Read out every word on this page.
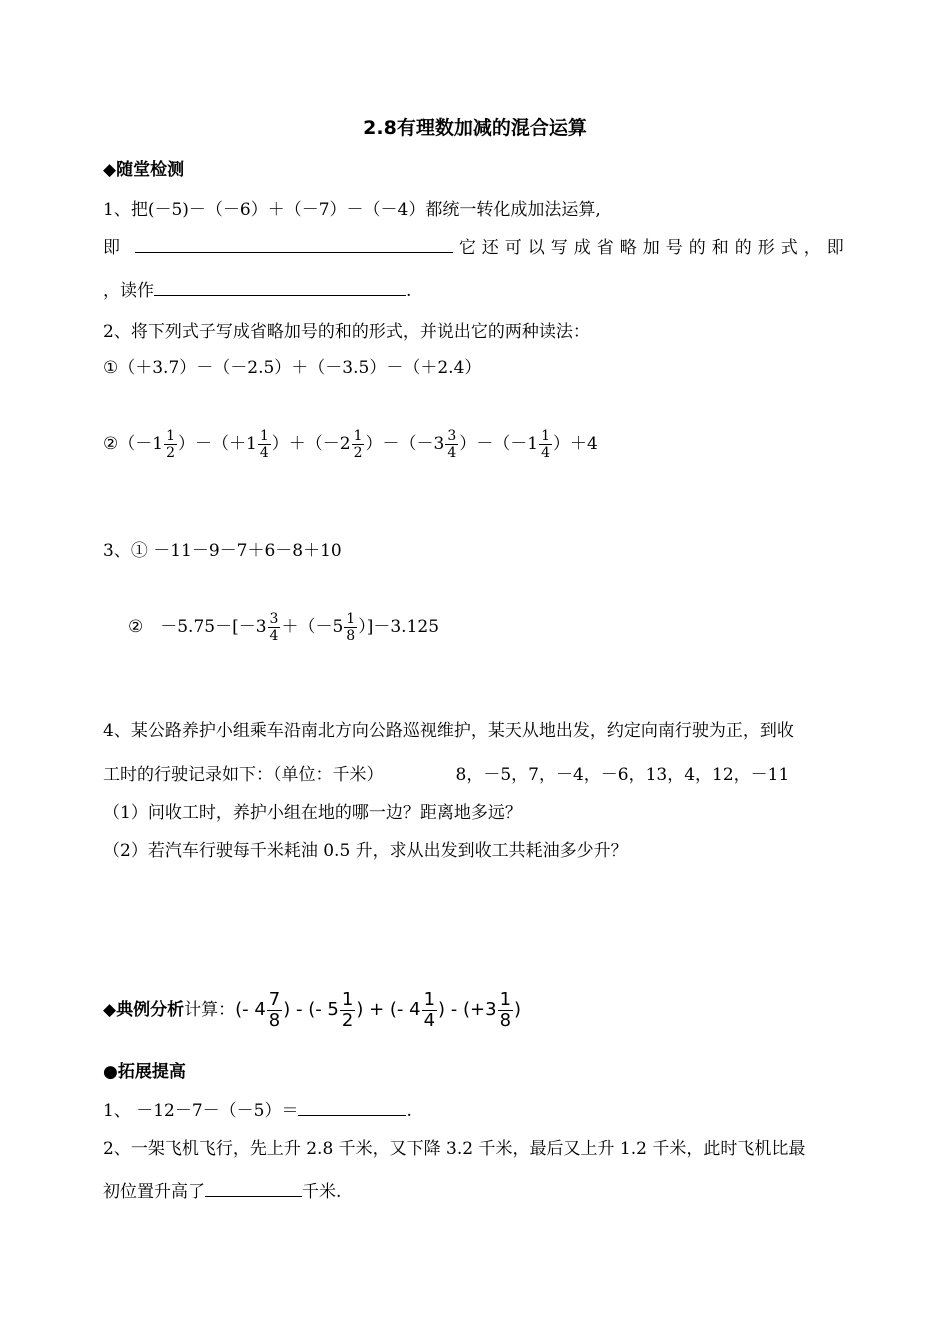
2.8有理数加减的混合运算
◆随堂检测
1、把(－5)－（－6）＋（－7）－（－4）都统一转化成加法运算,
即	它还可以写成省略加号的和的形式，即
，读作	.
2、将下列式子写成省略加号的和的形式，并说出它的两种读法：
①（＋3.7）－（－2.5）＋（－3.5）－（＋2.4）
②（－1 $\frac{1}{2} )-(+1 \frac{1}{4} )+(-2 \frac{1}{2} )-(-3 \frac{3}{4} )-(-1 \frac{1}{4} )+4$
3、① －11－9－7＋6－8＋10
②　$-5.75-[-3 \frac{3}{4} +(-5 \frac{1}{8} )]-3.125$
4、某公路养护小组乘车沿南北方向公路巡视维护，某天从地出发，约定向南行驶为正，到收
工时的行驶记录如下：（单位：千米）	8，－5，7，－4，－6，13，4，12，－11
（1）问收工时，养护小组在地的哪一边？距离地多远？
（2）若汽车行驶每千米耗油 0.5 升，求从出发到收工共耗油多少升？
◆典例分析计算：(- $4 \frac{7}{8}$ ) - (- $5 \frac{1}{2}$ ) + (- $4 \frac{1}{4}$ ) - ($+3 \frac{1}{8}$ )
●拓展提高
1、 －12－7－（－5）＝	.
2、一架飞机飞行，先上升 2.8 千米，又下降 3.2 千米，最后又上升 1.2 千米，此时飞机比最
初位置升高了	千米.
